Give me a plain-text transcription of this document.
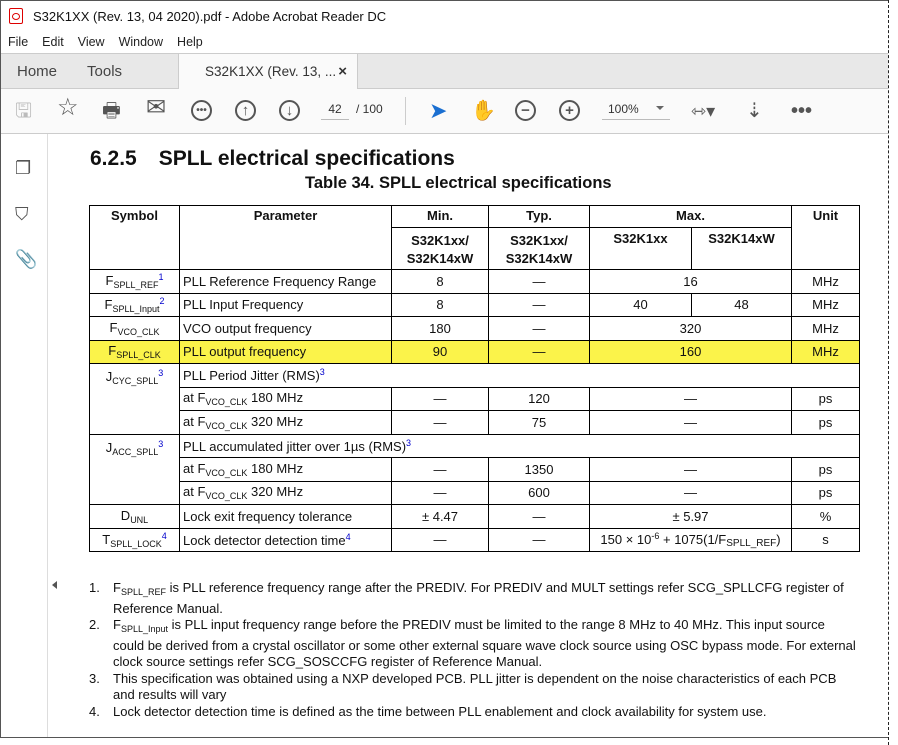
S32K1XX (Rev. 13, 04 2020).pdf - Adobe Acrobat Reader DC
File Edit View Window Help
Home	Tools	S32K1XX (Rev. 13, ... ×
🖫 ☆ 🖶 ✉	•••	↑	↓	42	/ 100 ➤ ✋	−	+	100%	⇿▾ ⇣ •••
❐
⛉
📎
6.2.5 SPLL electrical specifications
Table 34. SPLL electrical specifications
Symbol	Parameter	Min.	Typ.	Max.		Unit
		S32K1xx/ S32K14xW	S32K1xx/ S32K14xW	S32K1xx	S32K14xW	
$F_{SPLL\_REF}^1$	PLL Reference Frequency Range	8	—	16		MHz
$F_{SPLL\_Input}^2$	PLL Input Frequency	8	—	40	48	MHz
$F_{VCO\_CLK}$	VCO output frequency	180	—	320		MHz
$F_{SPLL\_CLK}$	PLL output frequency	90	—	160		MHz
$J_{CYC\_SPLL}^3$	PLL Period Jitter (RMS)$^3$
	at $F_{VCO\_CLK}$ 180 MHz	—	120	—		ps
	at $F_{VCO\_CLK}$ 320 MHz	—	75	—		ps
$J_{ACC\_SPLL}^3$	PLL accumulated jitter over 1µs (RMS)$^3$
	at $F_{VCO\_CLK}$ 180 MHz	—	1350	—		ps
	at $F_{VCO\_CLK}$ 320 MHz	—	600	—		ps
$D_{UNL}$	Lock exit frequency tolerance	± 4.47	—	± 5.97		%
$T_{SPLL\_LOCK}^4$	Lock detector detection time$^4$	—	—	$150 \times 10^{-6} + 1075(1/F_{SPLL\_REF})$		s
1. $F_{SPLL\_REF}$ is PLL reference frequency range after the PREDIV. For PREDIV and MULT settings refer SCG_SPLLCFG register of Reference Manual.
2. $F_{SPLL\_Input}$ is PLL input frequency range before the PREDIV must be limited to the range 8 MHz to 40 MHz. This input source could be derived from a crystal oscillator or some other external square wave clock source using OSC bypass mode. For external clock source settings refer SCG_SOSCCFG register of Reference Manual.
3. This specification was obtained using a NXP developed PCB. PLL jitter is dependent on the noise characteristics of each PCB and results will vary
4. Lock detector detection time is defined as the time between PLL enablement and clock availability for system use.
